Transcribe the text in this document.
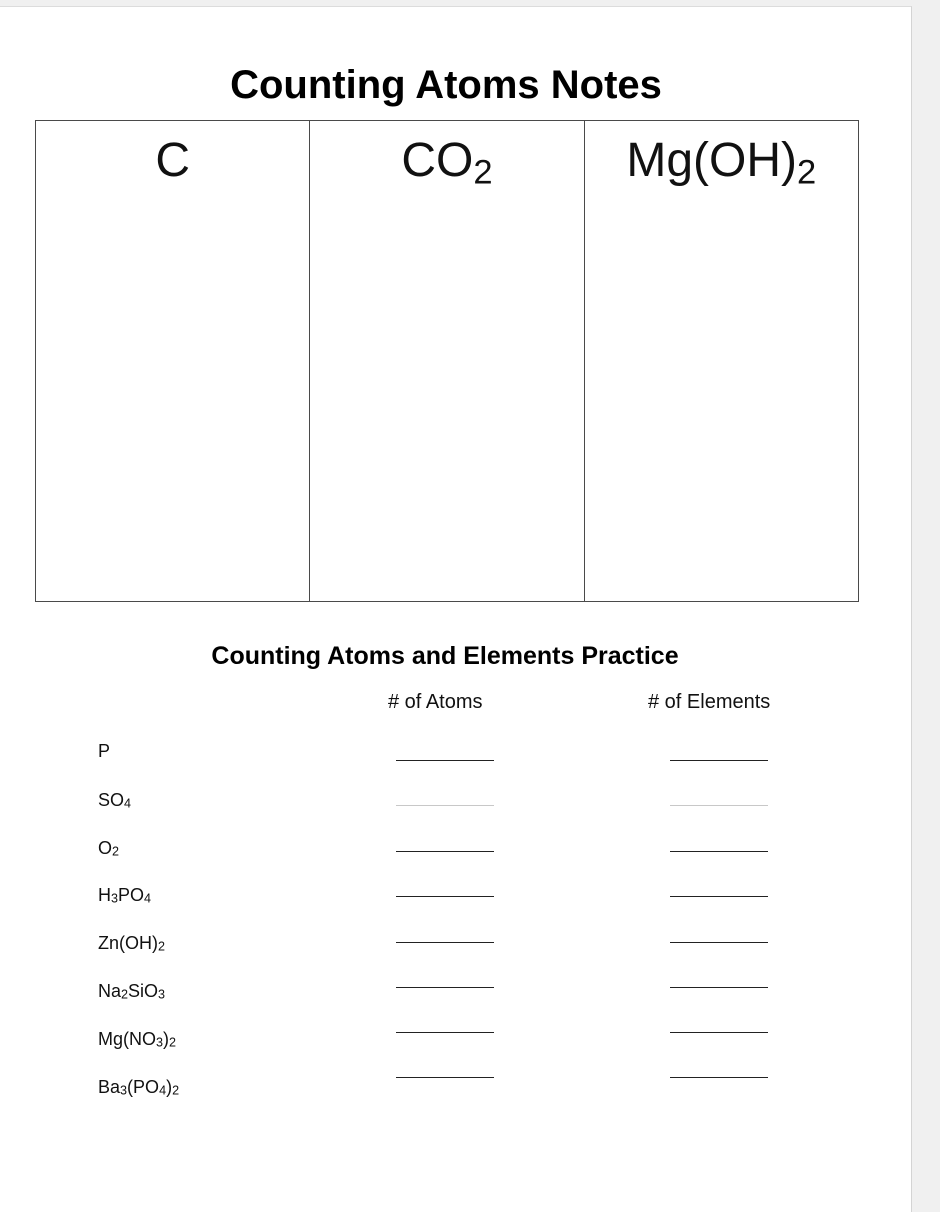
Counting Atoms Notes
C	$CO_2$	$Mg(OH)_2$
Counting Atoms and Elements Practice
# of Atoms	# of Elements
P
$SO_4$
$O_2$
$H_3PO_4$
$Zn(OH)_2$
$Na_2SiO_3$
$Mg(NO_3)_2$
$Ba_3(PO_4)_2$
